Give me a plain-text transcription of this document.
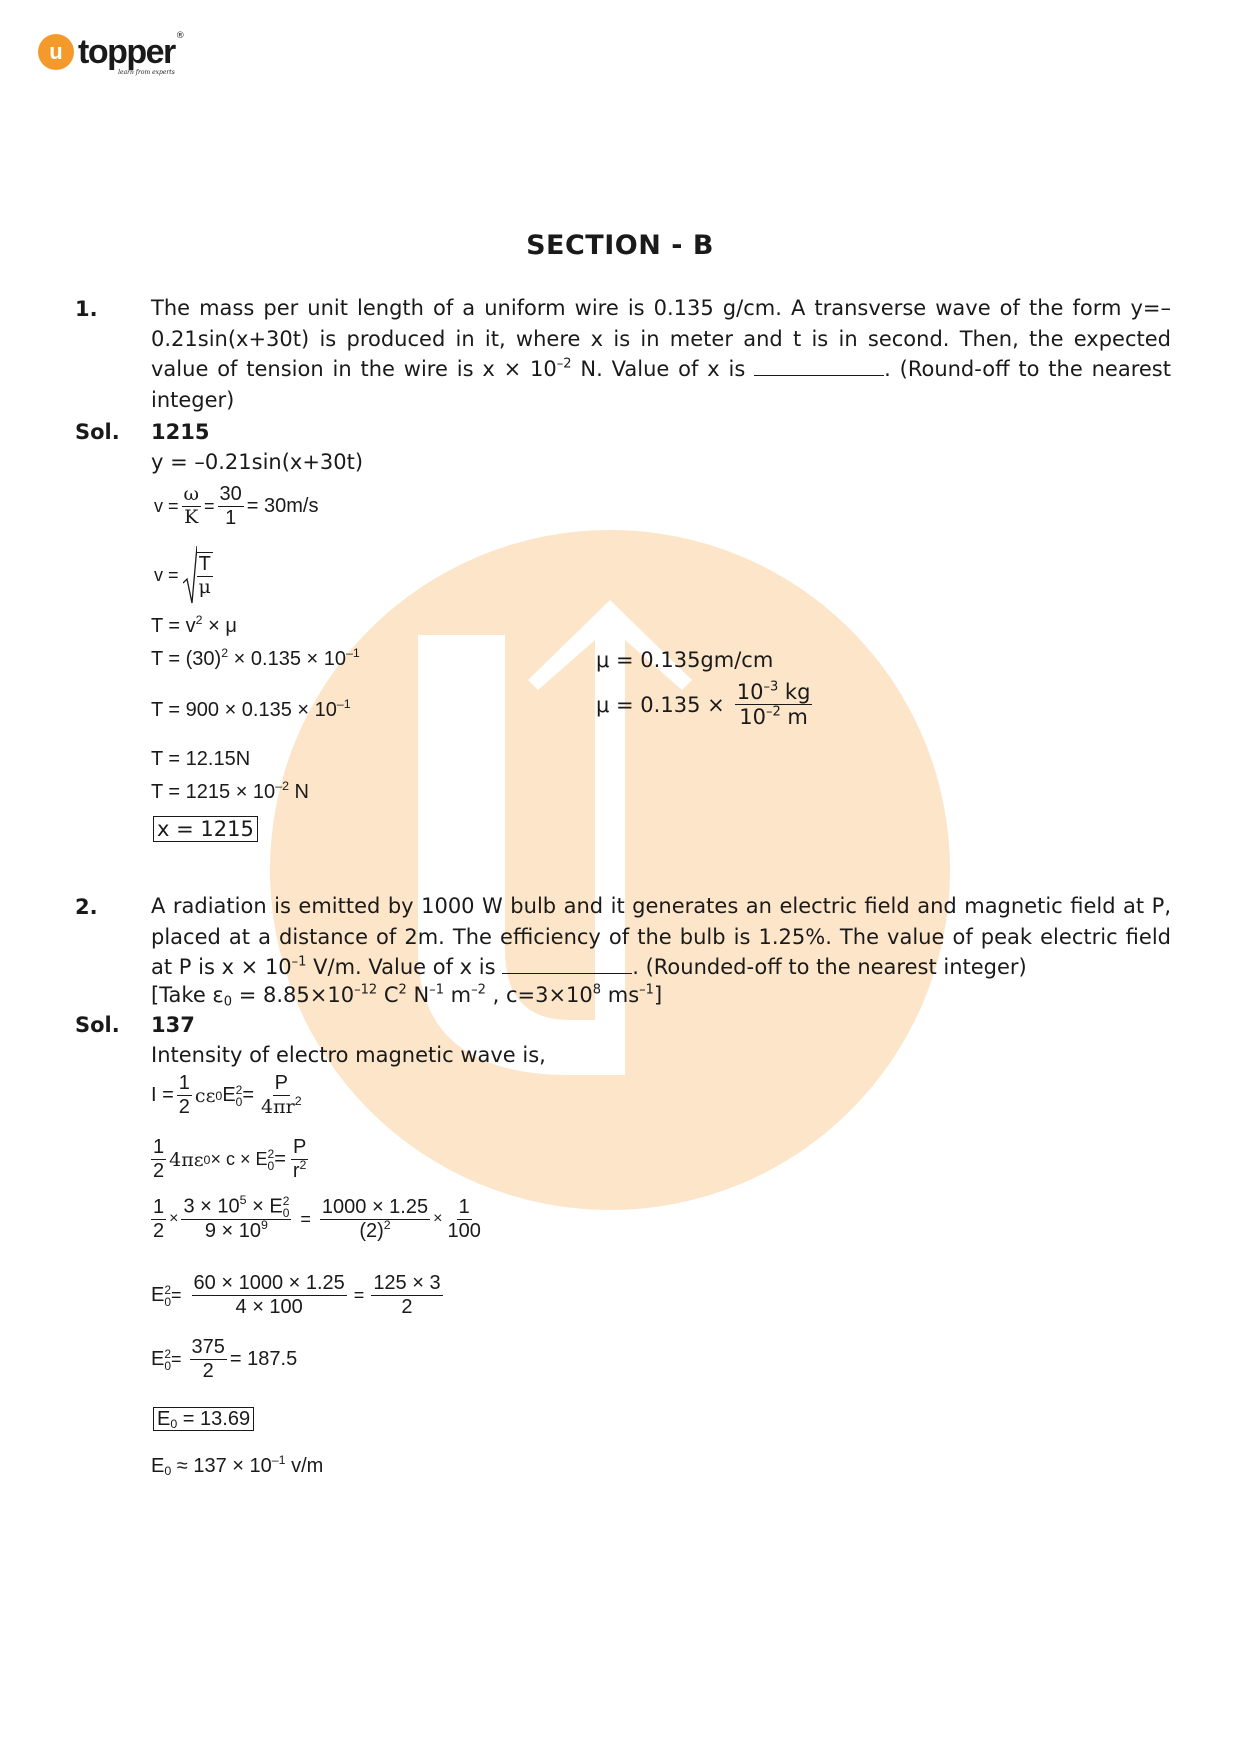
u topper ®
learn from experts
SECTION - B
1.	The mass per unit length of a uniform wire is 0.135 g/cm. A transverse wave of the form y=–0.21sin(x+30t) is produced in it, where x is in meter and t is in second. Then, the expected value of tension in the wire is $x \times 10^{-2}$ N. Value of x is	. (Round-off to the nearest integer)
Sol. 1215
y = –0.21sin(x+30t)
$v = \frac{\omega}{K} = \frac{30}{1} = 30m/s$
$v = \frac{T}{\mu}$
$T = v^2 \times \mu$
$T = (30)^2 \times 0.135 \times 10^{-1}$
$T = 900 \times 0.135 \times 10^{-1}$
T = 12.15N
$T = 1215 \times 10^{-2}$ N
x = 1215
μ = 0.135gm/cm
$\mu = 0.135 \times \frac{10^{-3} kg}{10^{-2} m}$
2.	A radiation is emitted by 1000 W bulb and it generates an electric field and magnetic field at P, placed at a distance of 2m. The efficiency of the bulb is 1.25%. The value of peak electric field at P is $x \times 10^{-1}$ V/m. Value of x is	. (Rounded-off to the nearest integer)
[Take $\varepsilon_0 = 8.85\times 10^{-12}$ $C^2$ $N^{-1}$ $m^{-2}$ , $c=3\times 10^8$ $ms^{-1}$]
Sol. 137
Intensity of electro magnetic wave is,
$I = \frac{1}{2}$ cε 0 E 2
$0 = \frac{P}{4\pi r^2}$
$\frac{1}{2} 4\pi\varepsilon$ 0 × c × E 2
$0 = \frac{P}{r^2}$
$\frac{1}{2} \times 3 \times 10^5 \times E$ 2
0
$9 \times 10^9 = \frac{1000 \times 1.25}{(2)^2} \times \frac{1}{100}$
E 2
$0 = \frac{60 \times 1000 \times 1.25}{4 \times 100} = \frac{125 \times 3}{2}$
E 2
$0 = \frac{375}{2} = 187.5$
$E_0 = 13.69$
$E_0 \approx 137 \times 10^{-1}$ v/m
